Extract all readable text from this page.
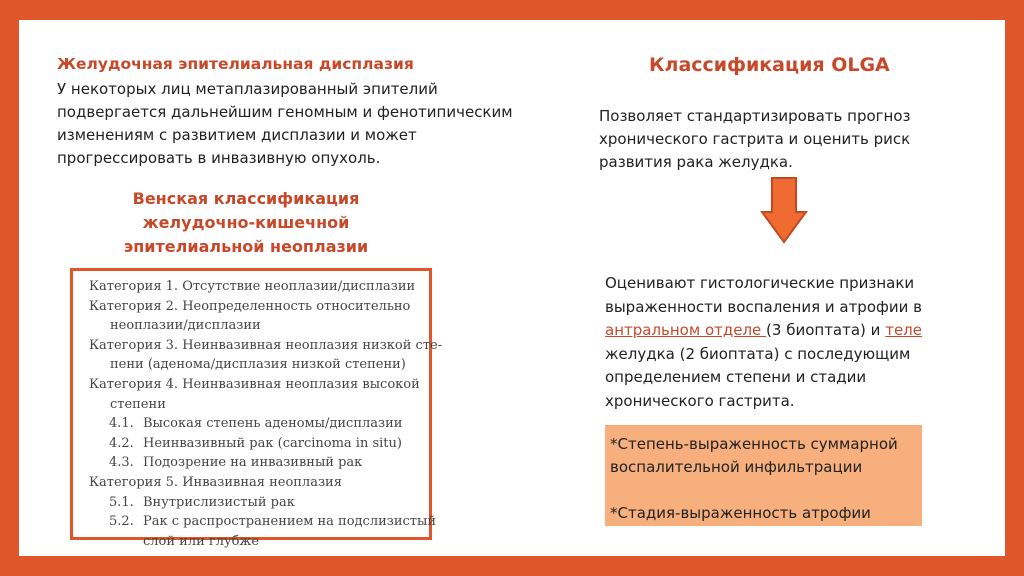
Желудочная эпителиальная дисплазия
У некоторых лиц метаплазированный эпителий подвергается дальнейшим геномным и фенотипическим изменениям с развитием дисплазии и может прогрессировать в инвазивную опухоль.
Венская классификация
желудочно-кишечной
эпителиальной неоплазии
Категория 1. Отсутствие неоплазии/дисплазии
Категория 2. Неопределенность относительно
неоплазии/дисплазии
Категория 3. Неинвазивная неоплазия низкой сте-
пени (аденома/дисплазия низкой степени)
Категория 4. Неинвазивная неоплазия высокой
степени
4.1. Высокая степень аденомы/дисплазии
4.2. Неинвазивный рак (carcinoma in situ)
4.3. Подозрение на инвазивный рак
Категория 5. Инвазивная неоплазия
5.1. Внутрислизистый рак
5.2. Рак с распространением на подслизистый
слой или глубже
Классификация OLGA
Позволяет стандартизировать прогноз хронического гастрита и оценить риск развития рака желудка.
Оценивают гистологические признаки выраженности воспаления и атрофии в антральном отделе (3 биоптата) и теле желудка (2 биоптата) с последующим определением степени и стадии хронического гастрита.
*Степень-выраженность суммарной воспалительной инфильтрации
*Стадия-выраженность атрофии
